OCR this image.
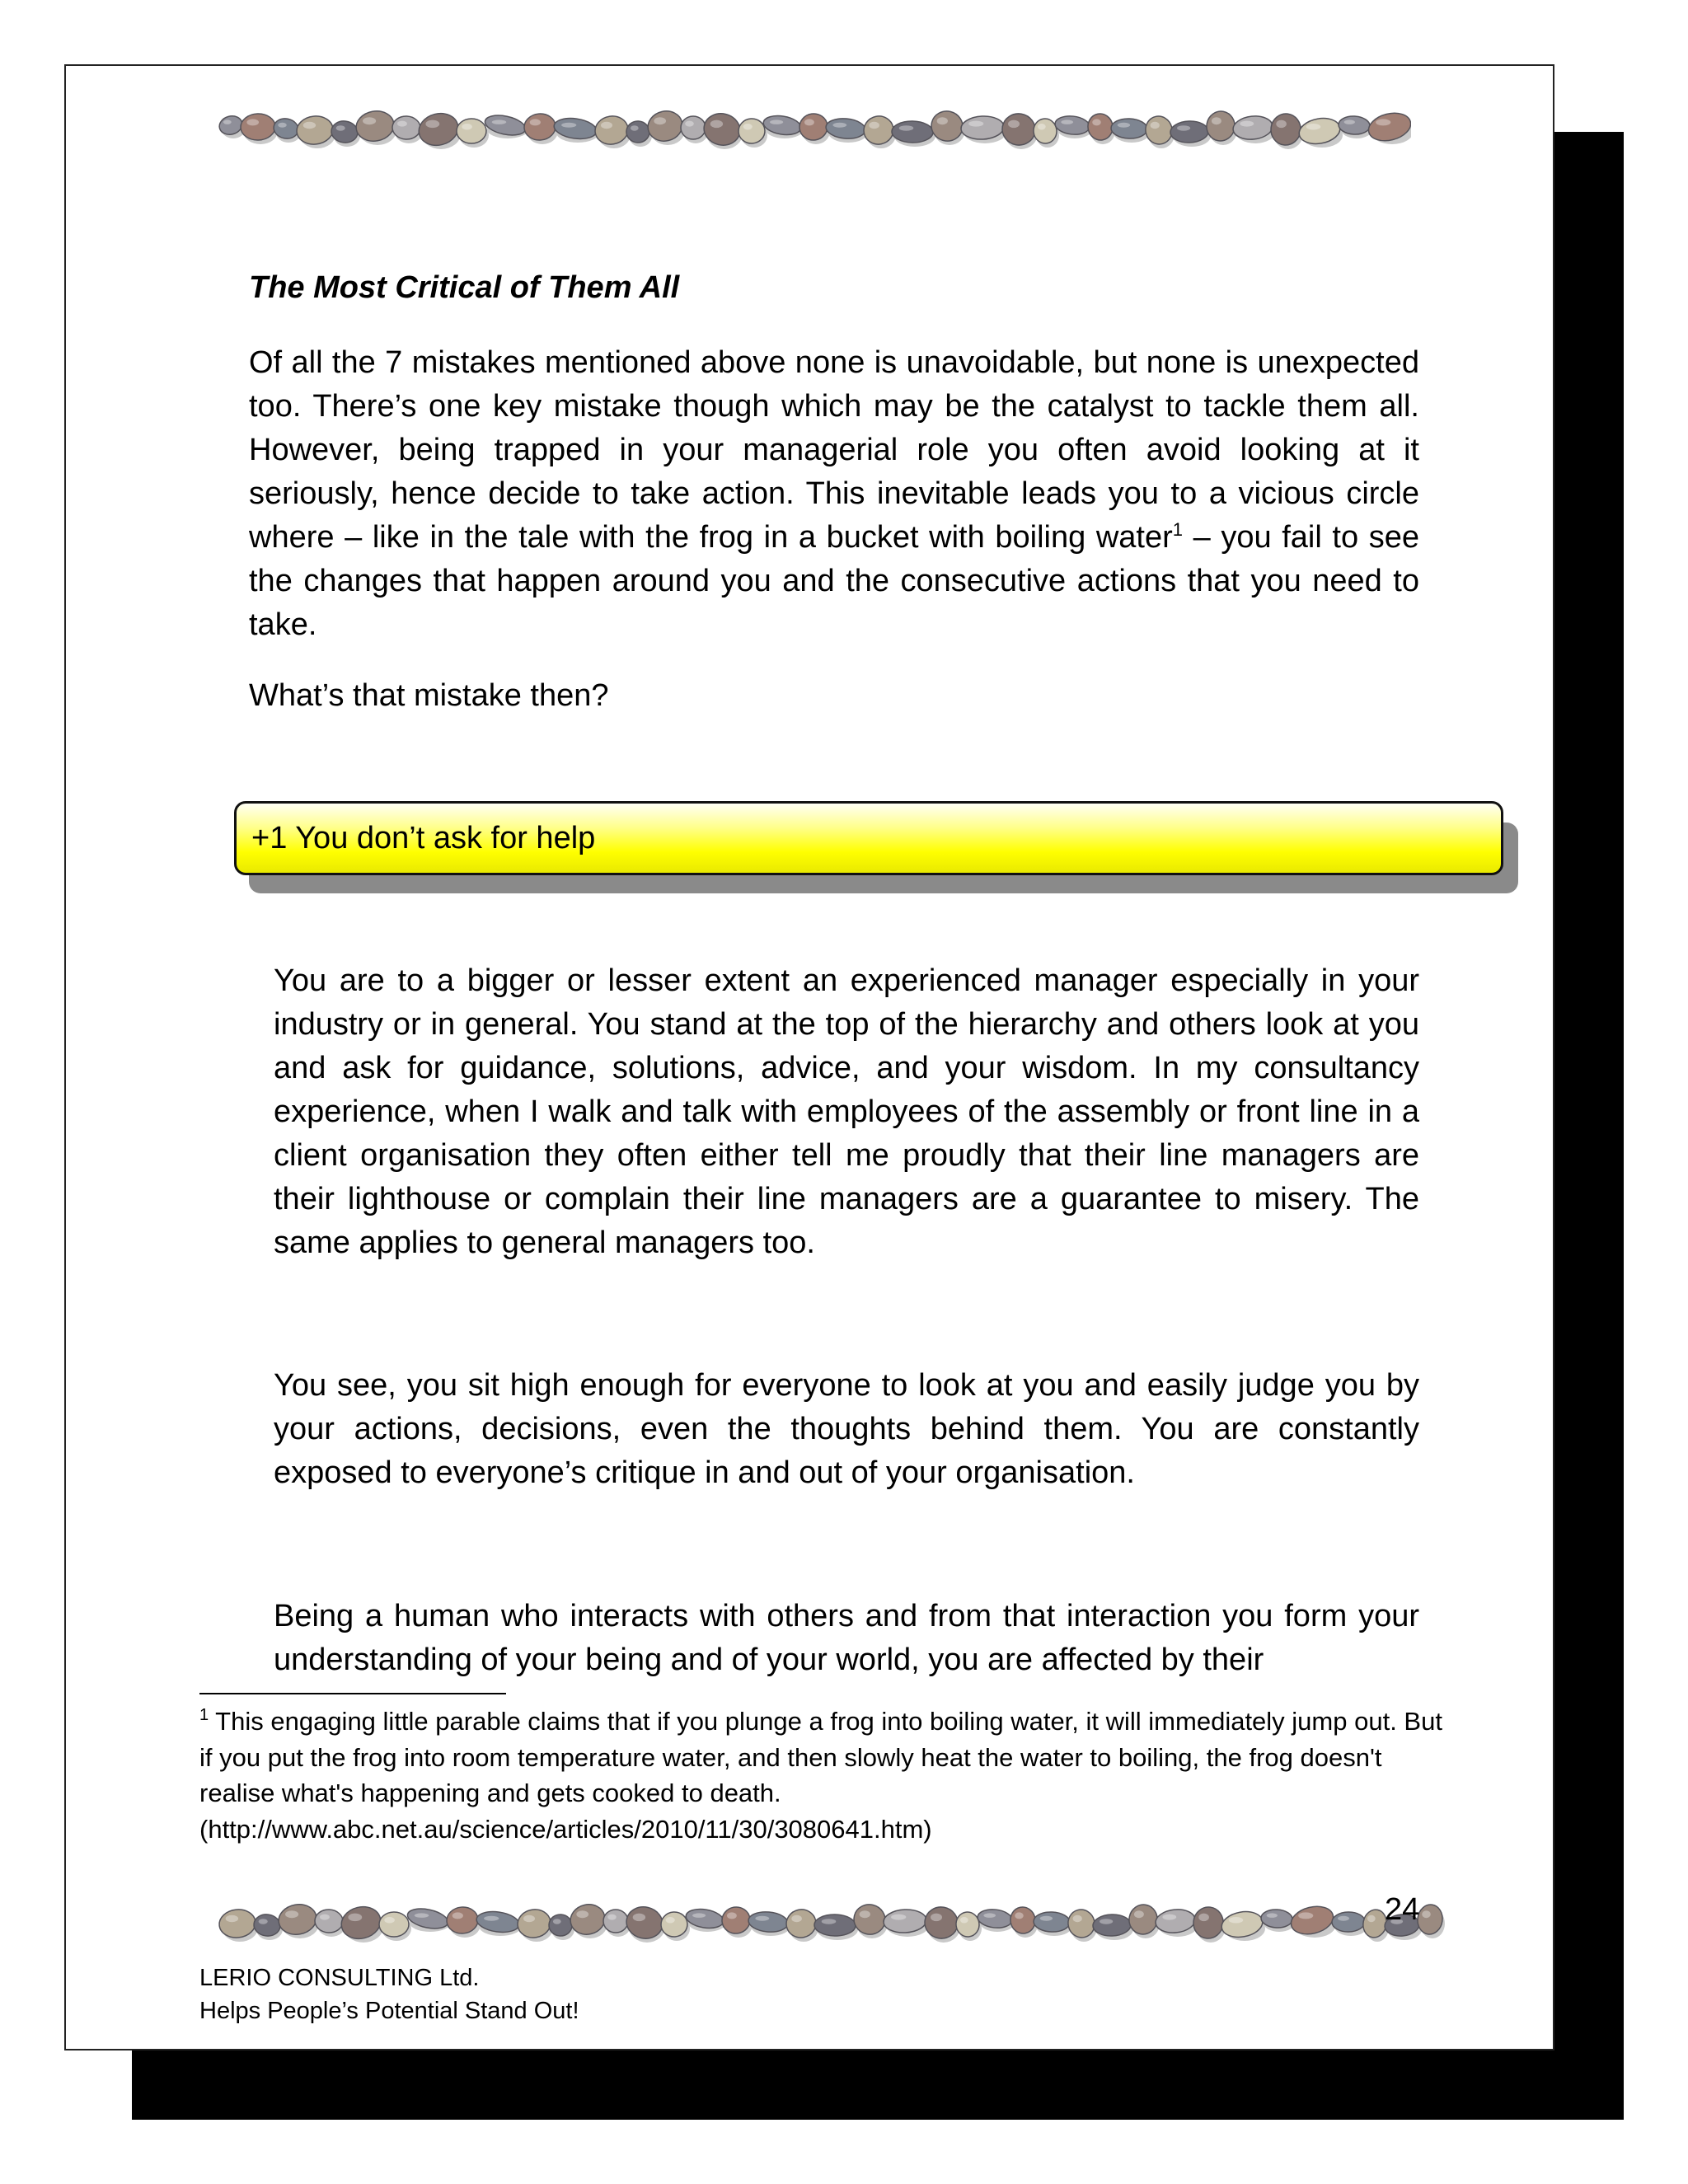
The Most Critical of Them All

Of all the 7 mistakes mentioned above none is unavoidable, but none is unexpected too. There’s one key mistake though which may be the catalyst to tackle them all. However, being trapped in your managerial role you often avoid looking at it seriously, hence decide to take action. This inevitable leads you to a vicious circle where – like in the tale with the frog in a bucket with boiling water$^1$ – you fail to see the changes that happen around you and the consecutive actions that you need to take.

What’s that mistake then?

+1 You don’t ask for help

You are to a bigger or lesser extent an experienced manager especially in your industry or in general. You stand at the top of the hierarchy and others look at you and ask for guidance, solutions, advice, and your wisdom. In my consultancy experience, when I walk and talk with employees of the assembly or front line in a client organisation they often either tell me proudly that their line managers are their lighthouse or complain their line managers are a guarantee to misery. The same applies to general managers too.

You see, you sit high enough for everyone to look at you and easily judge you by your actions, decisions, even the thoughts behind them. You are constantly exposed to everyone’s critique in and out of your organisation.

Being a human who interacts with others and from that interaction you form your understanding of your being and of your world, you are affected by their

$^1$ This engaging little parable claims that if you plunge a frog into boiling water, it will immediately jump out. But if you put the frog into room temperature water, and then slowly heat the water to boiling, the frog doesn't realise what's happening and gets cooked to death. (http://www.abc.net.au/science/articles/2010/11/30/3080641.htm)

24
LERIO CONSULTING Ltd.
Helps People’s Potential Stand Out!
